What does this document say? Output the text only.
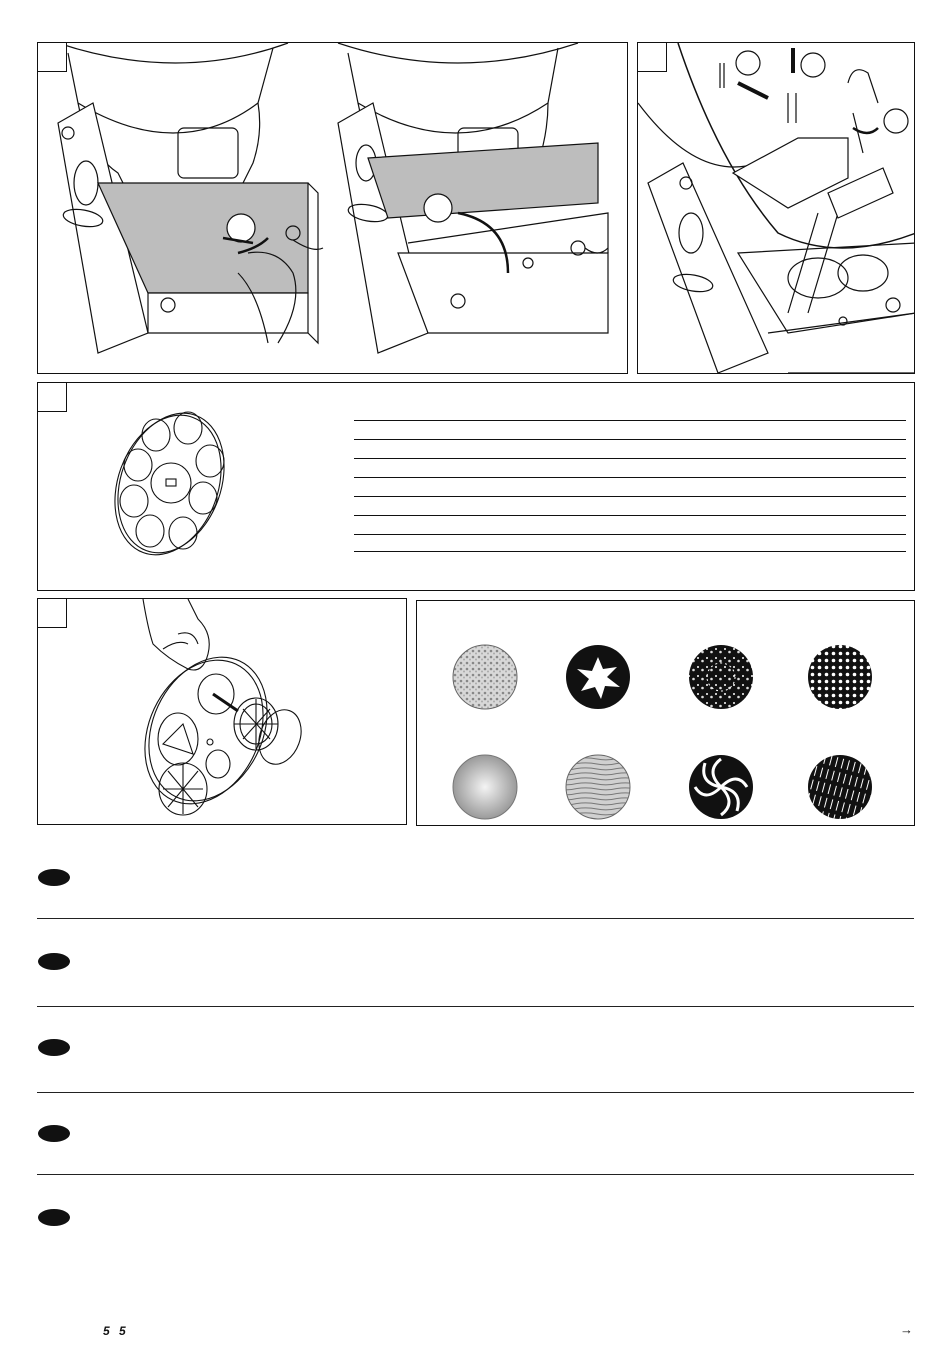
5 5	→
